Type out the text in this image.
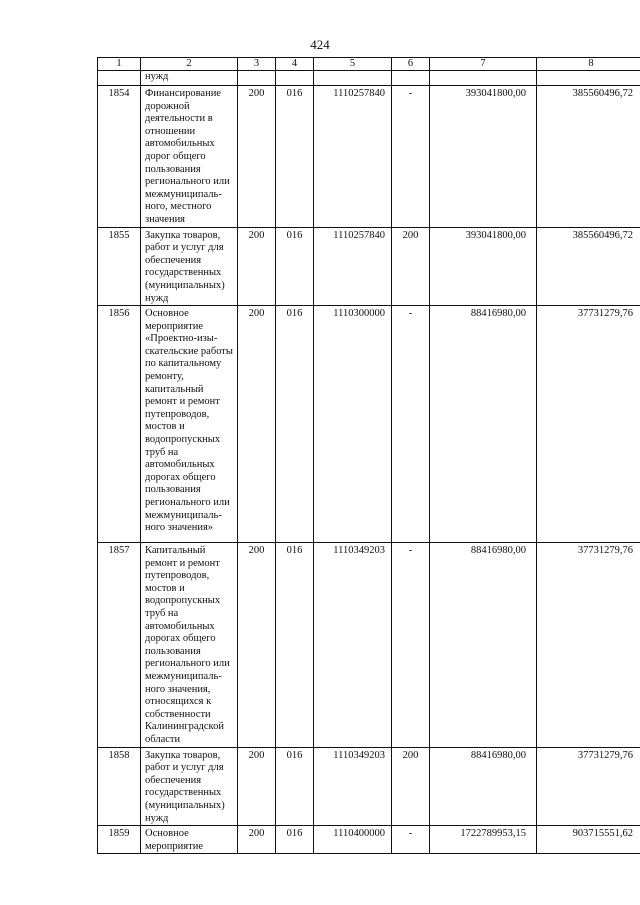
424
1	2	3	4	5	6	7	8
	нужд						

1854	Финансирование дорожной деятельности в отношении автомобильных дорог общего пользования регионального или межмуниципаль-ного, местного значения	200	016	1110257840	-	393041800,00	385560496,72

1855	Закупка товаров, работ и услуг для обеспечения государственных (муниципальных) нужд	200	016	1110257840	200	393041800,00	385560496,72

1856	Основное мероприятие «Проектно-изы-скательские работы по капитальному ремонту, капитальный ремонт и ремонт путепроводов, мостов и водопропускных труб на автомобильных дорогах общего пользования регионального или межмуниципаль-ного значения»	200	016	1110300000	-	88416980,00	37731279,76

1857	Капитальный ремонт и ремонт путепроводов, мостов и водопропускных труб на автомобильных дорогах общего пользования регионального или межмуниципаль-ного значения, относящихся к собственности Калининградской области	200	016	1110349203	-	88416980,00	37731279,76

1858	Закупка товаров, работ и услуг для обеспечения государственных (муниципальных) нужд	200	016	1110349203	200	88416980,00	37731279,76

1859	Основное мероприятие	200	016	1110400000	-	1722789953,15	903715551,62
